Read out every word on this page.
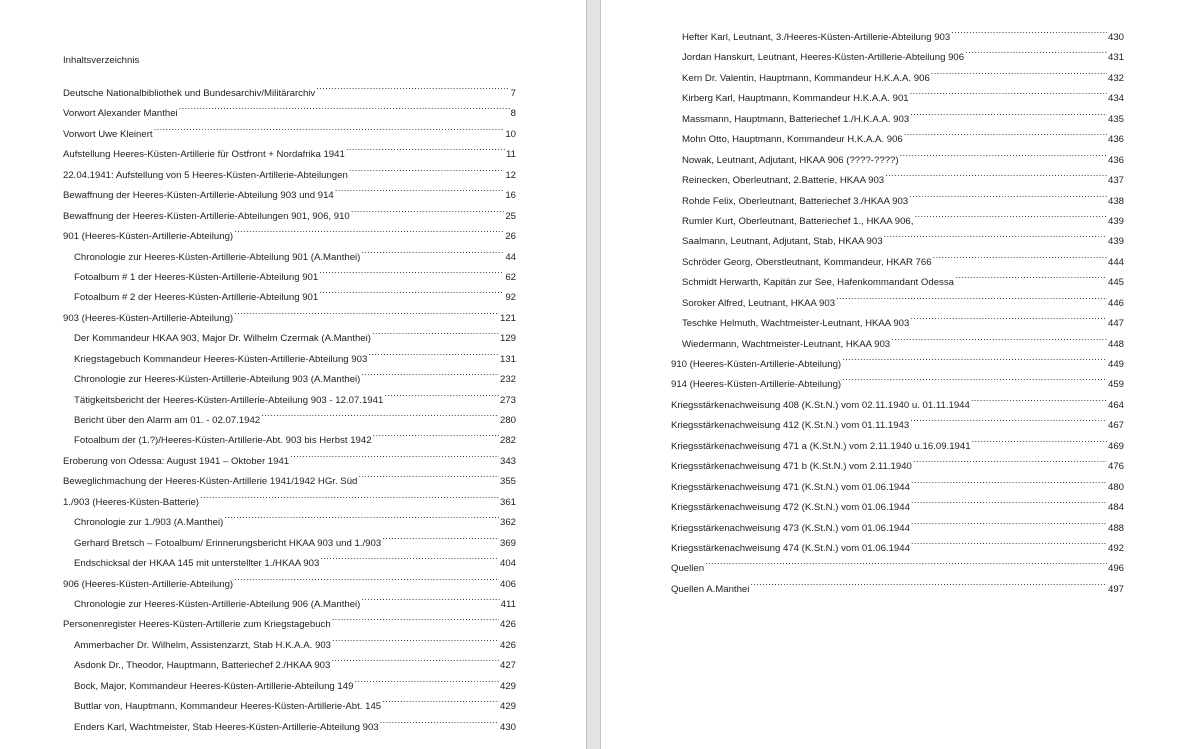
Inhaltsverzeichnis
Deutsche Nationalbibliothek und Bundesarchiv/Militärarchiv .....	7
Vorwort Alexander Manthei .....	8
Vorwort Uwe Kleinert .....	10
Aufstellung Heeres-Küsten-Artillerie für Ostfront + Nordafrika 1941 .....	11
22.04.1941: Aufstellung von 5 Heeres-Küsten-Artillerie-Abteilungen .....	12
Bewaffnung der Heeres-Küsten-Artillerie-Abteilung 903 und 914 .....	16
Bewaffnung der Heeres-Küsten-Artillerie-Abteilungen 901, 906, 910 .....	25
901 (Heeres-Küsten-Artillerie-Abteilung) .....	26
Chronologie zur Heeres-Küsten-Artillerie-Abteilung 901 (A.Manthei) .....	44
Fotoalbum # 1 der Heeres-Küsten-Artillerie-Abteilung 901 .....	62
Fotoalbum # 2 der Heeres-Küsten-Artillerie-Abteilung 901 .....	92
903 (Heeres-Küsten-Artillerie-Abteilung) .....	121
Der Kommandeur HKAA 903, Major Dr. Wilhelm Czermak (A.Manthei) .....	129
Kriegstagebuch Kommandeur Heeres-Küsten-Artillerie-Abteilung 903 .....	131
Chronologie zur Heeres-Küsten-Artillerie-Abteilung 903 (A.Manthei) .....	232
Tätigkeitsbericht der Heeres-Küsten-Artillerie-Abteilung 903 - 12.07.1941 .....	273
Bericht über den Alarm am 01. - 02.07.1942 .....	280
Fotoalbum der (1.?)/Heeres-Küsten-Artillerie-Abt. 903 bis Herbst 1942 .....	282
Eroberung von Odessa: August 1941 – Oktober 1941 .....	343
Beweglichmachung der Heeres-Küsten-Artillerie 1941/1942 HGr. Süd .....	355
1./903 (Heeres-Küsten-Batterie) .....	361
Chronologie zur 1./903 (A.Manthei) .....	362
Gerhard Bretsch – Fotoalbum/ Erinnerungsbericht HKAA 903 und 1./903 .....	369
Endschicksal der HKAA 145 mit unterstellter 1./HKAA 903 .....	404
906 (Heeres-Küsten-Artillerie-Abteilung) .....	406
Chronologie zur Heeres-Küsten-Artillerie-Abteilung 906 (A.Manthei) .....	411
Personenregister Heeres-Küsten-Artillerie zum Kriegstagebuch .....	426
Ammerbacher Dr. Wilhelm, Assistenzarzt, Stab H.K.A.A. 903 .....	426
Asdonk Dr., Theodor, Hauptmann, Batteriechef 2./HKAA 903 .....	427
Bock, Major, Kommandeur Heeres-Küsten-Artillerie-Abteilung 149 .....	429
Buttlar von, Hauptmann, Kommandeur Heeres-Küsten-Artillerie-Abt. 145 .....	429
Enders Karl, Wachtmeister, Stab Heeres-Küsten-Artillerie-Abteilung 903 .....	430
Hefter Karl, Leutnant, 3./Heeres-Küsten-Artillerie-Abteilung 903 .....	430
Jordan Hanskurt, Leutnant, Heeres-Küsten-Artillerie-Abteilung 906 .....	431
Kern Dr. Valentin, Hauptmann, Kommandeur H.K.A.A. 906 .....	432
Kirberg Karl, Hauptmann, Kommandeur H.K.A.A. 901 .....	434
Massmann, Hauptmann, Batteriechef 1./H.K.A.A. 903 .....	435
Mohn Otto, Hauptmann, Kommandeur H.K.A.A. 906 .....	436
Nowak, Leutnant, Adjutant, HKAA 906 (????-????) .....	436
Reinecken, Oberleutnant, 2.Batterie, HKAA 903 .....	437
Rohde Felix, Oberleutnant, Batteriechef 3./HKAA 903 .....	438
Rumler Kurt, Oberleutnant, Batteriechef 1., HKAA 906, .....	439
Saalmann, Leutnant, Adjutant, Stab, HKAA 903 .....	439
Schröder Georg, Oberstleutnant, Kommandeur, HKAR 766 .....	444
Schmidt Herwarth, Kapitän zur See, Hafenkommandant Odessa .....	445
Soroker Alfred, Leutnant, HKAA 903 .....	446
Teschke Helmuth, Wachtmeister-Leutnant, HKAA 903 .....	447
Wiedermann, Wachtmeister-Leutnant, HKAA 903 .....	448
910 (Heeres-Küsten-Artillerie-Abteilung) .....	449
914 (Heeres-Küsten-Artillerie-Abteilung) .....	459
Kriegsstärkenachweisung 408 (K.St.N.) vom 02.11.1940 u. 01.11.1944 .....	464
Kriegsstärkenachweisung 412 (K.St.N.) vom 01.11.1943 .....	467
Kriegsstärkenachweisung 471 a (K.St.N.) vom 2.11.1940 u.16.09.1941 .....	469
Kriegsstärkenachweisung 471 b (K.St.N.) vom 2.11.1940 .....	476
Kriegsstärkenachweisung 471 (K.St.N.) vom 01.06.1944 .....	480
Kriegsstärkenachweisung 472 (K.St.N.) vom 01.06.1944 .....	484
Kriegsstärkenachweisung 473 (K.St.N.) vom 01.06.1944 .....	488
Kriegsstärkenachweisung 474 (K.St.N.) vom 01.06.1944 .....	492
Quellen .....	496
Quellen A.Manthei .....	497
